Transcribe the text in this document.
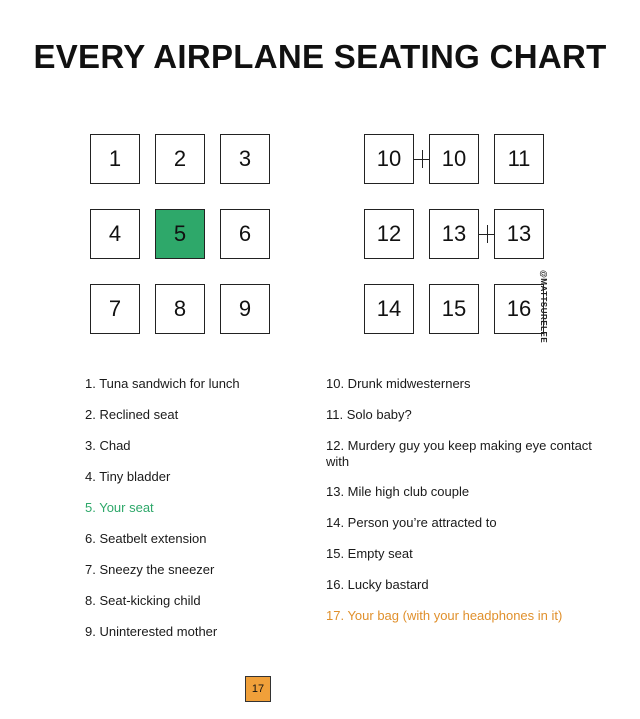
EVERY AIRPLANE SEATING CHART
1	2	3
4	5	6
7	8	9
10	10	11
12	13	13
14	15	16 @MATTSURELEE
1. Tuna sandwich for lunch
2. Reclined seat
3. Chad
4. Tiny bladder
5. Your seat
6. Seatbelt extension
7. Sneezy the sneezer
8. Seat-kicking child
9. Uninterested mother
10. Drunk midwesterners
11. Solo baby?
12. Murdery guy you keep making eye contact with
13. Mile high club couple
14. Person you’re attracted to
15. Empty seat
16. Lucky bastard
17. Your bag (with your headphones in it)
17
